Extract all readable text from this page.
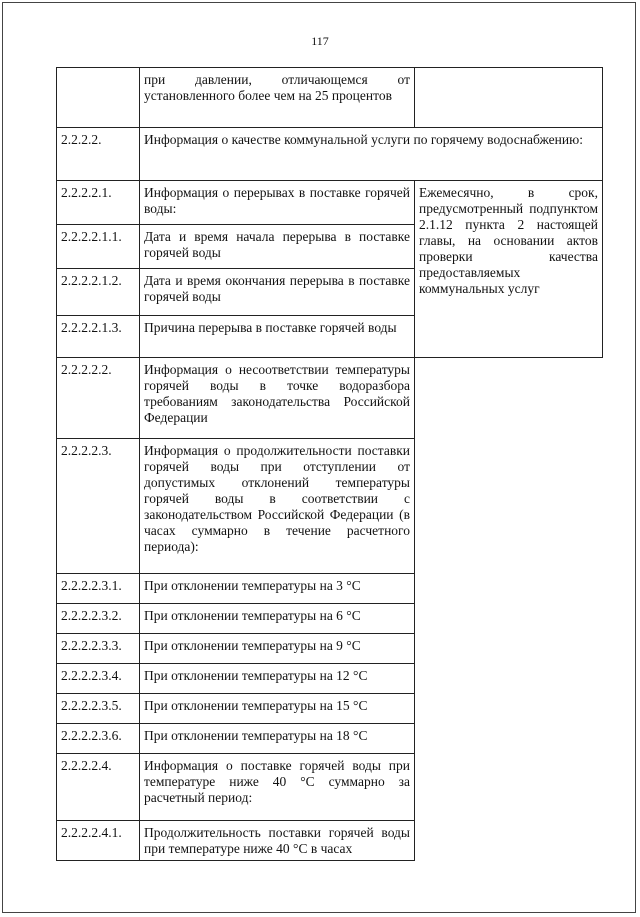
117
	при давлении, отличающемся от установленного более чем на 25 процентов	
2.2.2.2.	Информация о качестве коммунальной услуги по горячему водоснабжению:	
2.2.2.2.1.	Информация о перерывах в поставке горячей воды:	Ежемесячно, в срок, предусмотренный подпунктом 2.1.12 пункта 2 настоящей главы, на основании актов проверки качества предоставляемых коммунальных услуг
2.2.2.2.1.1.	Дата и время начала перерыва в поставке горячей воды	
2.2.2.2.1.2.	Дата и время окончания перерыва в поставке горячей воды	
2.2.2.2.1.3.	Причина перерыва в поставке горячей воды	
2.2.2.2.2.	Информация о несоответствии температуры горячей воды в точке водоразбора требованиям законодательства Российской Федерации	
2.2.2.2.3.	Информация о продолжительности поставки горячей воды при отступлении от допустимых отклонений температуры горячей воды в соответствии с законодательством Российской Федерации (в часах суммарно в течение расчетного периода):	
2.2.2.2.3.1.	При отклонении температуры на 3 °С	
2.2.2.2.3.2.	При отклонении температуры на 6 °С	
2.2.2.2.3.3.	При отклонении температуры на 9 °С	
2.2.2.2.3.4.	При отклонении температуры на 12 °С	
2.2.2.2.3.5.	При отклонении температуры на 15 °С	
2.2.2.2.3.6.	При отклонении температуры на 18 °С	
2.2.2.2.4.	Информация о поставке горячей воды при температуре ниже 40 °С суммарно за расчетный период:	
2.2.2.2.4.1.	Продолжительность поставки горячей воды при температуре ниже 40 °С в часах	
